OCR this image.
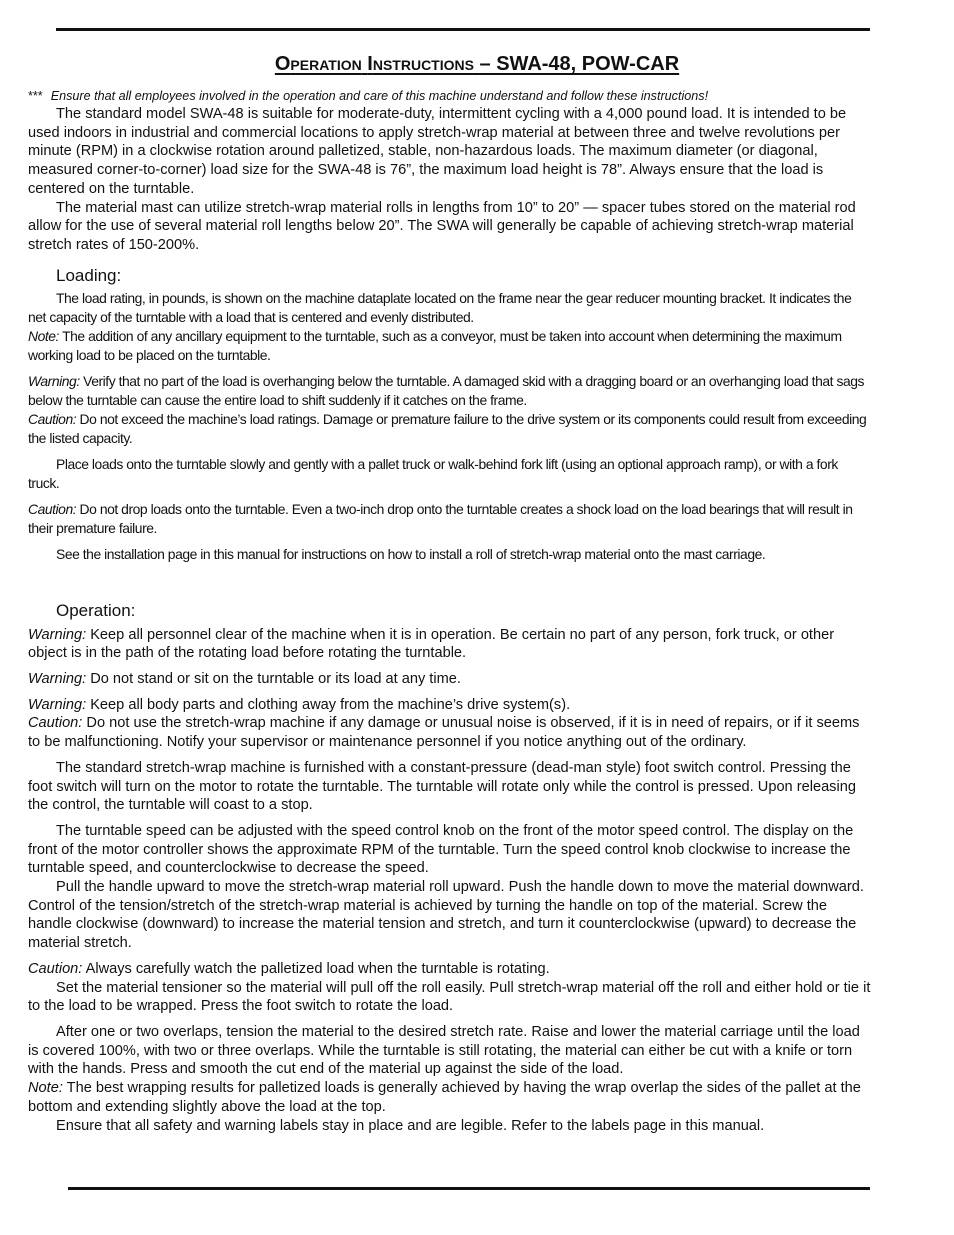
OPERATION INSTRUCTIONS – SWA-48, POW-CAR

*** Ensure that all employees involved in the operation and care of this machine understand and follow these instructions!

The standard model SWA-48 is suitable for moderate-duty, intermittent cycling with a 4,000 pound load. It is intended to be used indoors in industrial and commercial locations to apply stretch-wrap material at between three and twelve revolutions per minute (RPM) in a clockwise rotation around palletized, stable, non-hazardous loads. The maximum diameter (or diagonal, measured corner-to-corner) load size for the SWA-48 is 76”, the maximum load height is 78”. Always ensure that the load is centered on the turntable.

The material mast can utilize stretch-wrap material rolls in lengths from 10” to 20” — spacer tubes stored on the material rod allow for the use of several material roll lengths below 20”. The SWA will generally be capable of achieving stretch-wrap material stretch rates of 150-200%.

Loading:

The load rating, in pounds, is shown on the machine dataplate located on the frame near the gear reducer mounting bracket. It indicates the net capacity of the turntable with a load that is centered and evenly distributed.

Note: The addition of any ancillary equipment to the turntable, such as a conveyor, must be taken into account when determining the maximum working load to be placed on the turntable.

Warning: Verify that no part of the load is overhanging below the turntable. A damaged skid with a dragging board or an overhanging load that sags below the turntable can cause the entire load to shift suddenly if it catches on the frame.

Caution: Do not exceed the machine’s load ratings. Damage or premature failure to the drive system or its components could result from exceeding the listed capacity.

Place loads onto the turntable slowly and gently with a pallet truck or walk-behind fork lift (using an optional approach ramp), or with a fork truck.

Caution: Do not drop loads onto the turntable. Even a two-inch drop onto the turntable creates a shock load on the load bearings that will result in their premature failure.

See the installation page in this manual for instructions on how to install a roll of stretch-wrap material onto the mast carriage.

Operation:

Warning: Keep all personnel clear of the machine when it is in operation. Be certain no part of any person, fork truck, or other object is in the path of the rotating load before rotating the turntable.

Warning: Do not stand or sit on the turntable or its load at any time.

Warning: Keep all body parts and clothing away from the machine’s drive system(s).

Caution: Do not use the stretch-wrap machine if any damage or unusual noise is observed, if it is in need of repairs, or if it seems to be malfunctioning. Notify your supervisor or maintenance personnel if you notice anything out of the ordinary.

The standard stretch-wrap machine is furnished with a constant-pressure (dead-man style) foot switch control. Pressing the foot switch will turn on the motor to rotate the turntable. The turntable will rotate only while the control is pressed. Upon releasing the control, the turntable will coast to a stop.

The turntable speed can be adjusted with the speed control knob on the front of the motor speed control. The display on the front of the motor controller shows the approximate RPM of the turntable. Turn the speed control knob clockwise to increase the turntable speed, and counterclockwise to decrease the speed.

Pull the handle upward to move the stretch-wrap material roll upward. Push the handle down to move the material downward. Control of the tension/stretch of the stretch-wrap material is achieved by turning the handle on top of the material. Screw the handle clockwise (downward) to increase the material tension and stretch, and turn it counterclockwise (upward) to decrease the material stretch.

Caution: Always carefully watch the palletized load when the turntable is rotating.

Set the material tensioner so the material will pull off the roll easily. Pull stretch-wrap material off the roll and either hold or tie it to the load to be wrapped. Press the foot switch to rotate the load.

After one or two overlaps, tension the material to the desired stretch rate. Raise and lower the material carriage until the load is covered 100%, with two or three overlaps. While the turntable is still rotating, the material can either be cut with a knife or torn with the hands. Press and smooth the cut end of the material up against the side of the load.

Note: The best wrapping results for palletized loads is generally achieved by having the wrap overlap the sides of the pallet at the bottom and extending slightly above the load at the top.

Ensure that all safety and warning labels stay in place and are legible. Refer to the labels page in this manual.
